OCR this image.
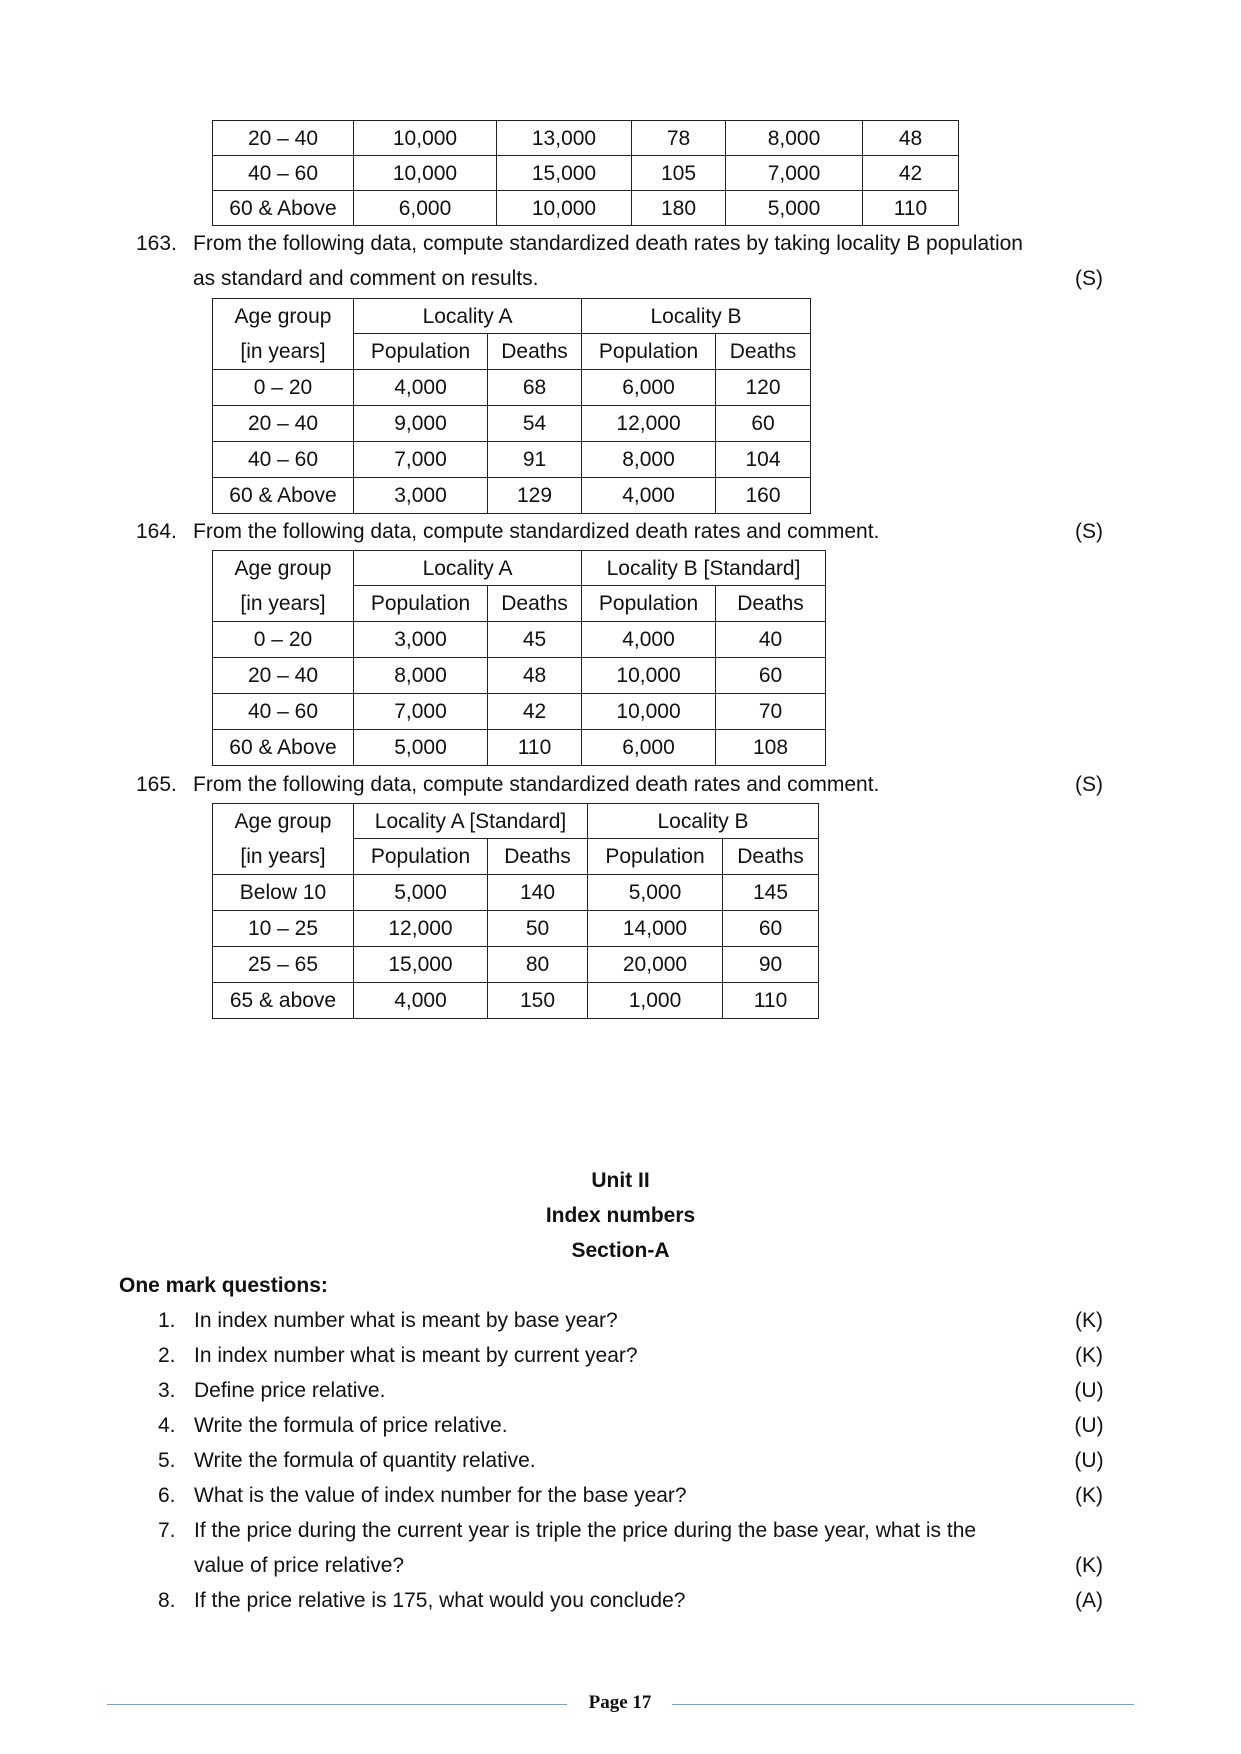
20 – 40	10,000	13,000	78	8,000	48
40 – 60	10,000	15,000	105	7,000	42
60 & Above	6,000	10,000	180	5,000	110
163. From the following data, compute standardized death rates by taking locality B population
as standard and comment on results.	(S)
Age group	Locality A		Locality B	
[in years]	Population	Deaths	Population	Deaths
0 – 20	4,000	68	6,000	120
20 – 40	9,000	54	12,000	60
40 – 60	7,000	91	8,000	104
60 & Above	3,000	129	4,000	160
164. From the following data, compute standardized death rates and comment.	(S)
Age group	Locality A		Locality B [Standard]	
[in years]	Population	Deaths	Population	Deaths
0 – 20	3,000	45	4,000	40
20 – 40	8,000	48	10,000	60
40 – 60	7,000	42	10,000	70
60 & Above	5,000	110	6,000	108
165. From the following data, compute standardized death rates and comment.	(S)
Age group	Locality A [Standard]		Locality B	
[in years]	Population	Deaths	Population	Deaths
Below 10	5,000	140	5,000	145
10 – 25	12,000	50	14,000	60
25 – 65	15,000	80	20,000	90
65 & above	4,000	150	1,000	110
Unit II
Index numbers
Section-A
One mark questions:
1. In index number what is meant by base year?	(K)
2. In index number what is meant by current year?	(K)
3. Define price relative.	(U)
4. Write the formula of price relative.	(U)
5. Write the formula of quantity relative.	(U)
6. What is the value of index number for the base year?	(K)
7. If the price during the current year is triple the price during the base year, what is the
value of price relative?	(K)
8. If the price relative is 175, what would you conclude?	(A)
Page 17
